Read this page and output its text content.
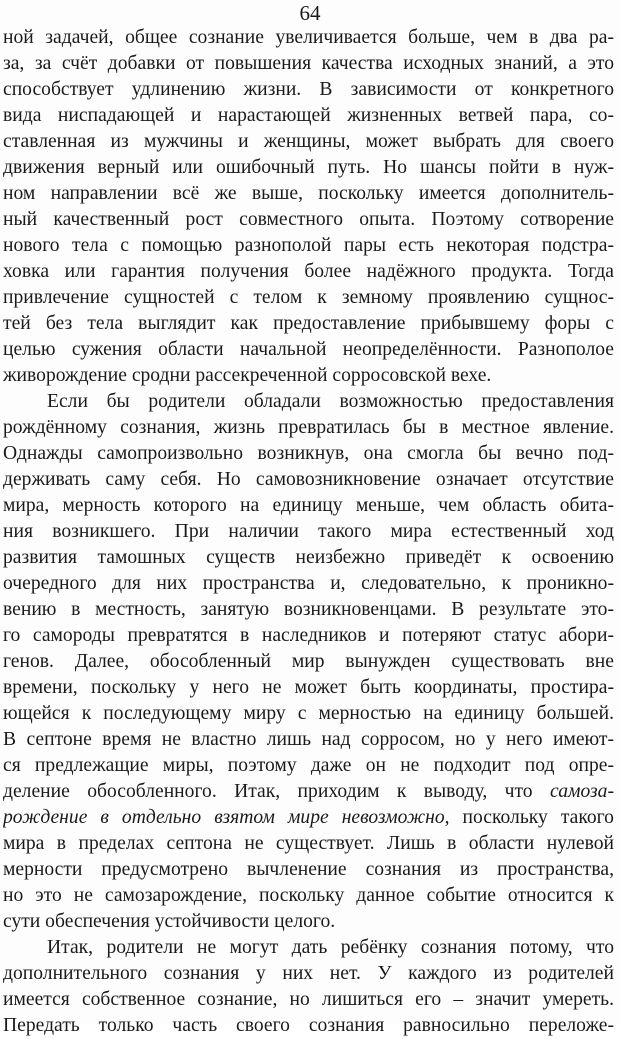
64
ной задачей, общее сознание увеличивается больше, чем в два ра-
за, за счёт добавки от повышения качества исходных знаний, а это
способствует удлинению жизни. В зависимости от конкретного
вида ниспадающей и нарастающей жизненных ветвей пара, со-
ставленная из мужчины и женщины, может выбрать для своего
движения верный или ошибочный путь. Но шансы пойти в нуж-
ном направлении всё же выше, поскольку имеется дополнитель-
ный качественный рост совместного опыта. Поэтому сотворение
нового тела с помощью разнополой пары есть некоторая подстра-
ховка или гарантия получения более надёжного продукта. Тогда
привлечение сущностей с телом к земному проявлению сущнос-
тей без тела выглядит как предоставление прибывшему форы с
целью сужения области начальной неопределённости. Разнополое
живорождение сродни рассекреченной сорросовской вехе.
Если бы родители обладали возможностью предоставления
рождённому сознания, жизнь превратилась бы в местное явление.
Однажды самопроизвольно возникнув, она смогла бы вечно под-
держивать саму себя. Но самовозникновение означает отсутствие
мира, мерность которого на единицу меньше, чем область обита-
ния возникшего. При наличии такого мира естественный ход
развития тамошных существ неизбежно приведёт к освоению
очередного для них пространства и, следовательно, к проникно-
вению в местность, занятую возникновенцами. В результате это-
го самороды превратятся в наследников и потеряют статус абори-
генов. Далее, обособленный мир вынужден существовать вне
времени, поскольку у него не может быть координаты, простира-
ющейся к последующему миру с мерностью на единицу большей.
В септоне время не властно лишь над сорросом, но у него имеют-
ся предлежащие миры, поэтому даже он не подходит под опре-
деление обособленного. Итак, приходим к выводу, что самоза-
рождение в отдельно взятом мире невозможно, поскольку такого
мира в пределах септона не существует. Лишь в области нулевой
мерности предусмотрено вычленение сознания из пространства,
но это не самозарождение, поскольку данное событие относится к
сути обеспечения устойчивости целого.
Итак, родители не могут дать ребёнку сознания потому, что
дополнительного сознания у них нет. У каждого из родителей
имеется собственное сознание, но лишиться его – значит умереть.
Передать только часть своего сознания равносильно переложе-
